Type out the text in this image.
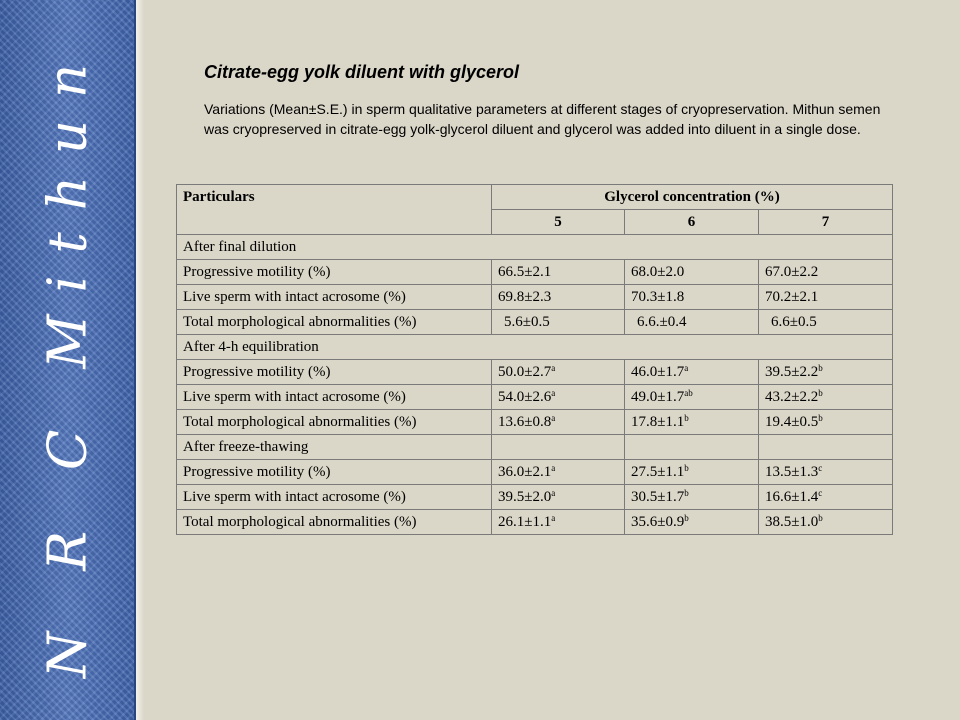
N R C Mithun	Citrate-egg yolk diluent with glycerol

Variations (Mean±S.E.) in sperm qualitative parameters at different stages of cryopreservation. Mithun semen was cryopreserved in citrate-egg yolk-glycerol diluent and glycerol was added into diluent in a single dose.

Particulars	Glycerol concentration (%)		
	5	6	7
After final dilution			
Progressive motility (%)	66.5±2.1	68.0±2.0	67.0±2.2
Live sperm with intact acrosome (%)	69.8±2.3	70.3±1.8	70.2±2.1
Total morphological abnormalities (%)	5.6±0.5	6.6.±0.4	6.6±0.5
After 4-h equilibration			
Progressive motility (%)	50.0±2.7$^a$	46.0±1.7$^a$	39.5±2.2$^b$
Live sperm with intact acrosome (%)	54.0±2.6$^a$	49.0±1.7$^{ab}$	43.2±2.2$^b$
Total morphological abnormalities (%)	13.6±0.8$^a$	17.8±1.1$^b$	19.4±0.5$^b$
After freeze-thawing			
Progressive motility (%)	36.0±2.1$^a$	27.5±1.1$^b$	13.5±1.3$^c$
Live sperm with intact acrosome (%)	39.5±2.0$^a$	30.5±1.7$^b$	16.6±1.4$^c$
Total morphological abnormalities (%)	26.1±1.1$^a$	35.6±0.9$^b$	38.5±1.0$^b$
